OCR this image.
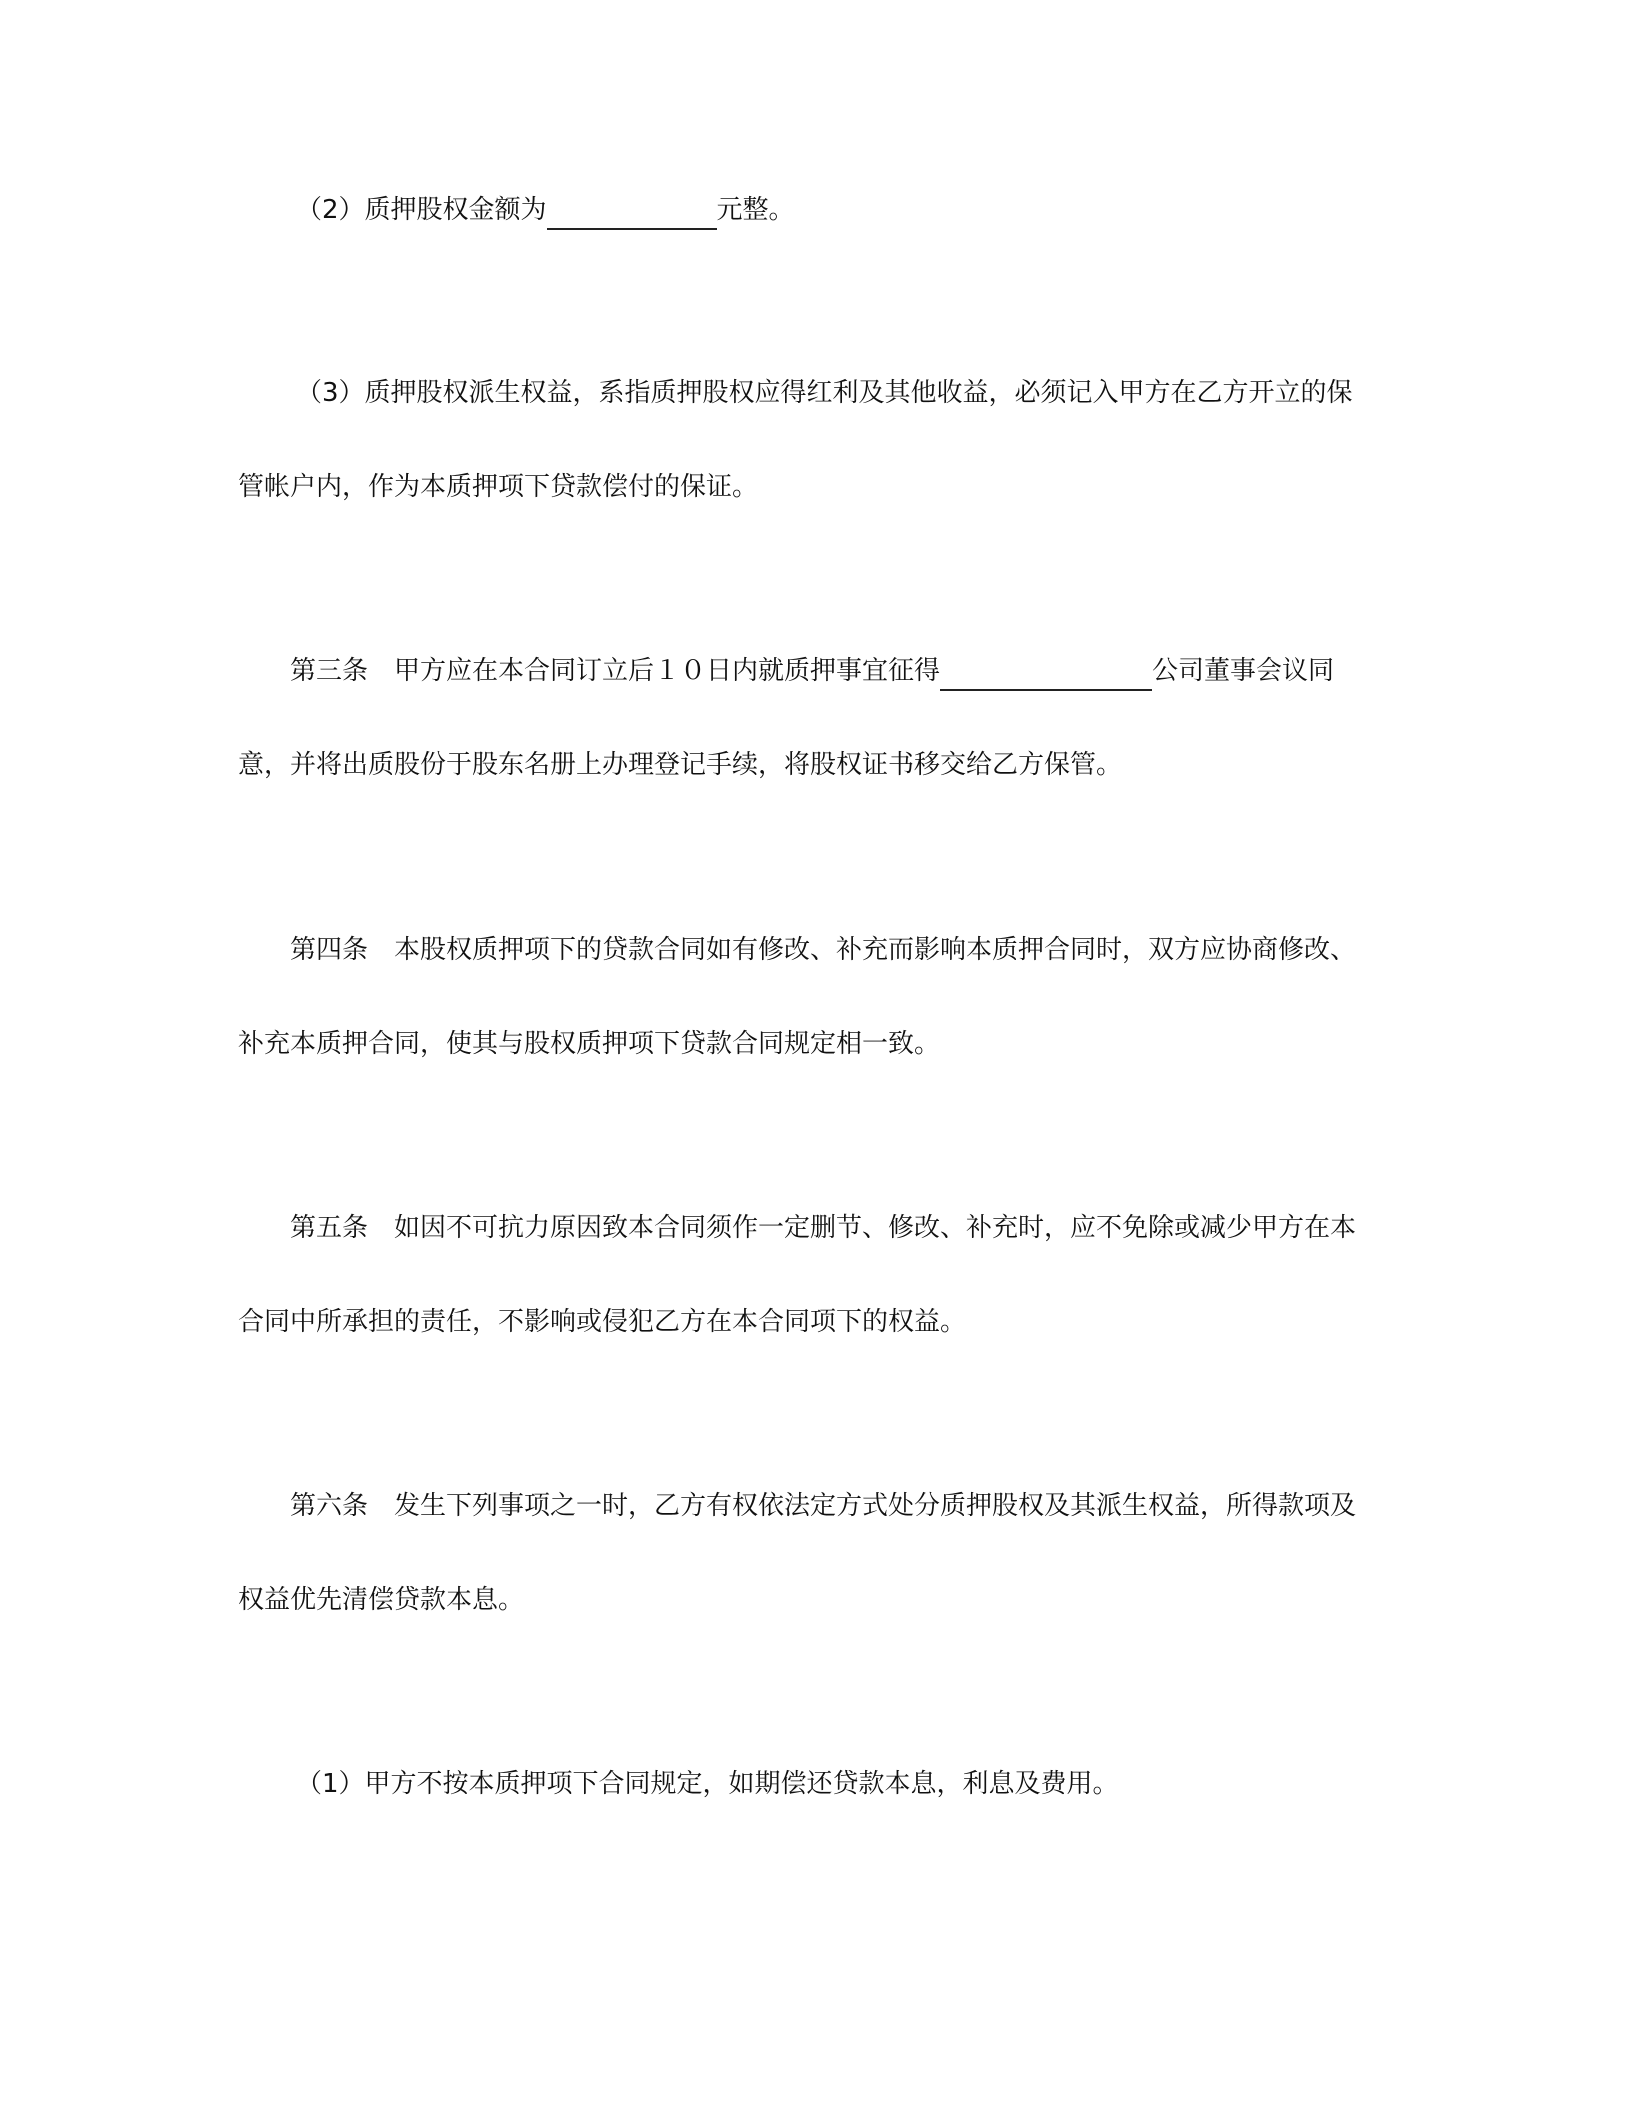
（2）质押股权金额为	元整。
（3）质押股权派生权益，系指质押股权应得红利及其他收益，必须记入甲方在乙方开立的保
管帐户内，作为本质押项下贷款偿付的保证。
第三条　甲方应在本合同订立后１０日内就质押事宜征得	公司董事会议同
意，并将出质股份于股东名册上办理登记手续，将股权证书移交给乙方保管。
第四条　本股权质押项下的贷款合同如有修改、补充而影响本质押合同时，双方应协商修改、
补充本质押合同，使其与股权质押项下贷款合同规定相一致。
第五条　如因不可抗力原因致本合同须作一定删节、修改、补充时，应不免除或减少甲方在本
合同中所承担的责任，不影响或侵犯乙方在本合同项下的权益。
第六条　发生下列事项之一时，乙方有权依法定方式处分质押股权及其派生权益，所得款项及
权益优先清偿贷款本息。
（1）甲方不按本质押项下合同规定，如期偿还贷款本息，利息及费用。
